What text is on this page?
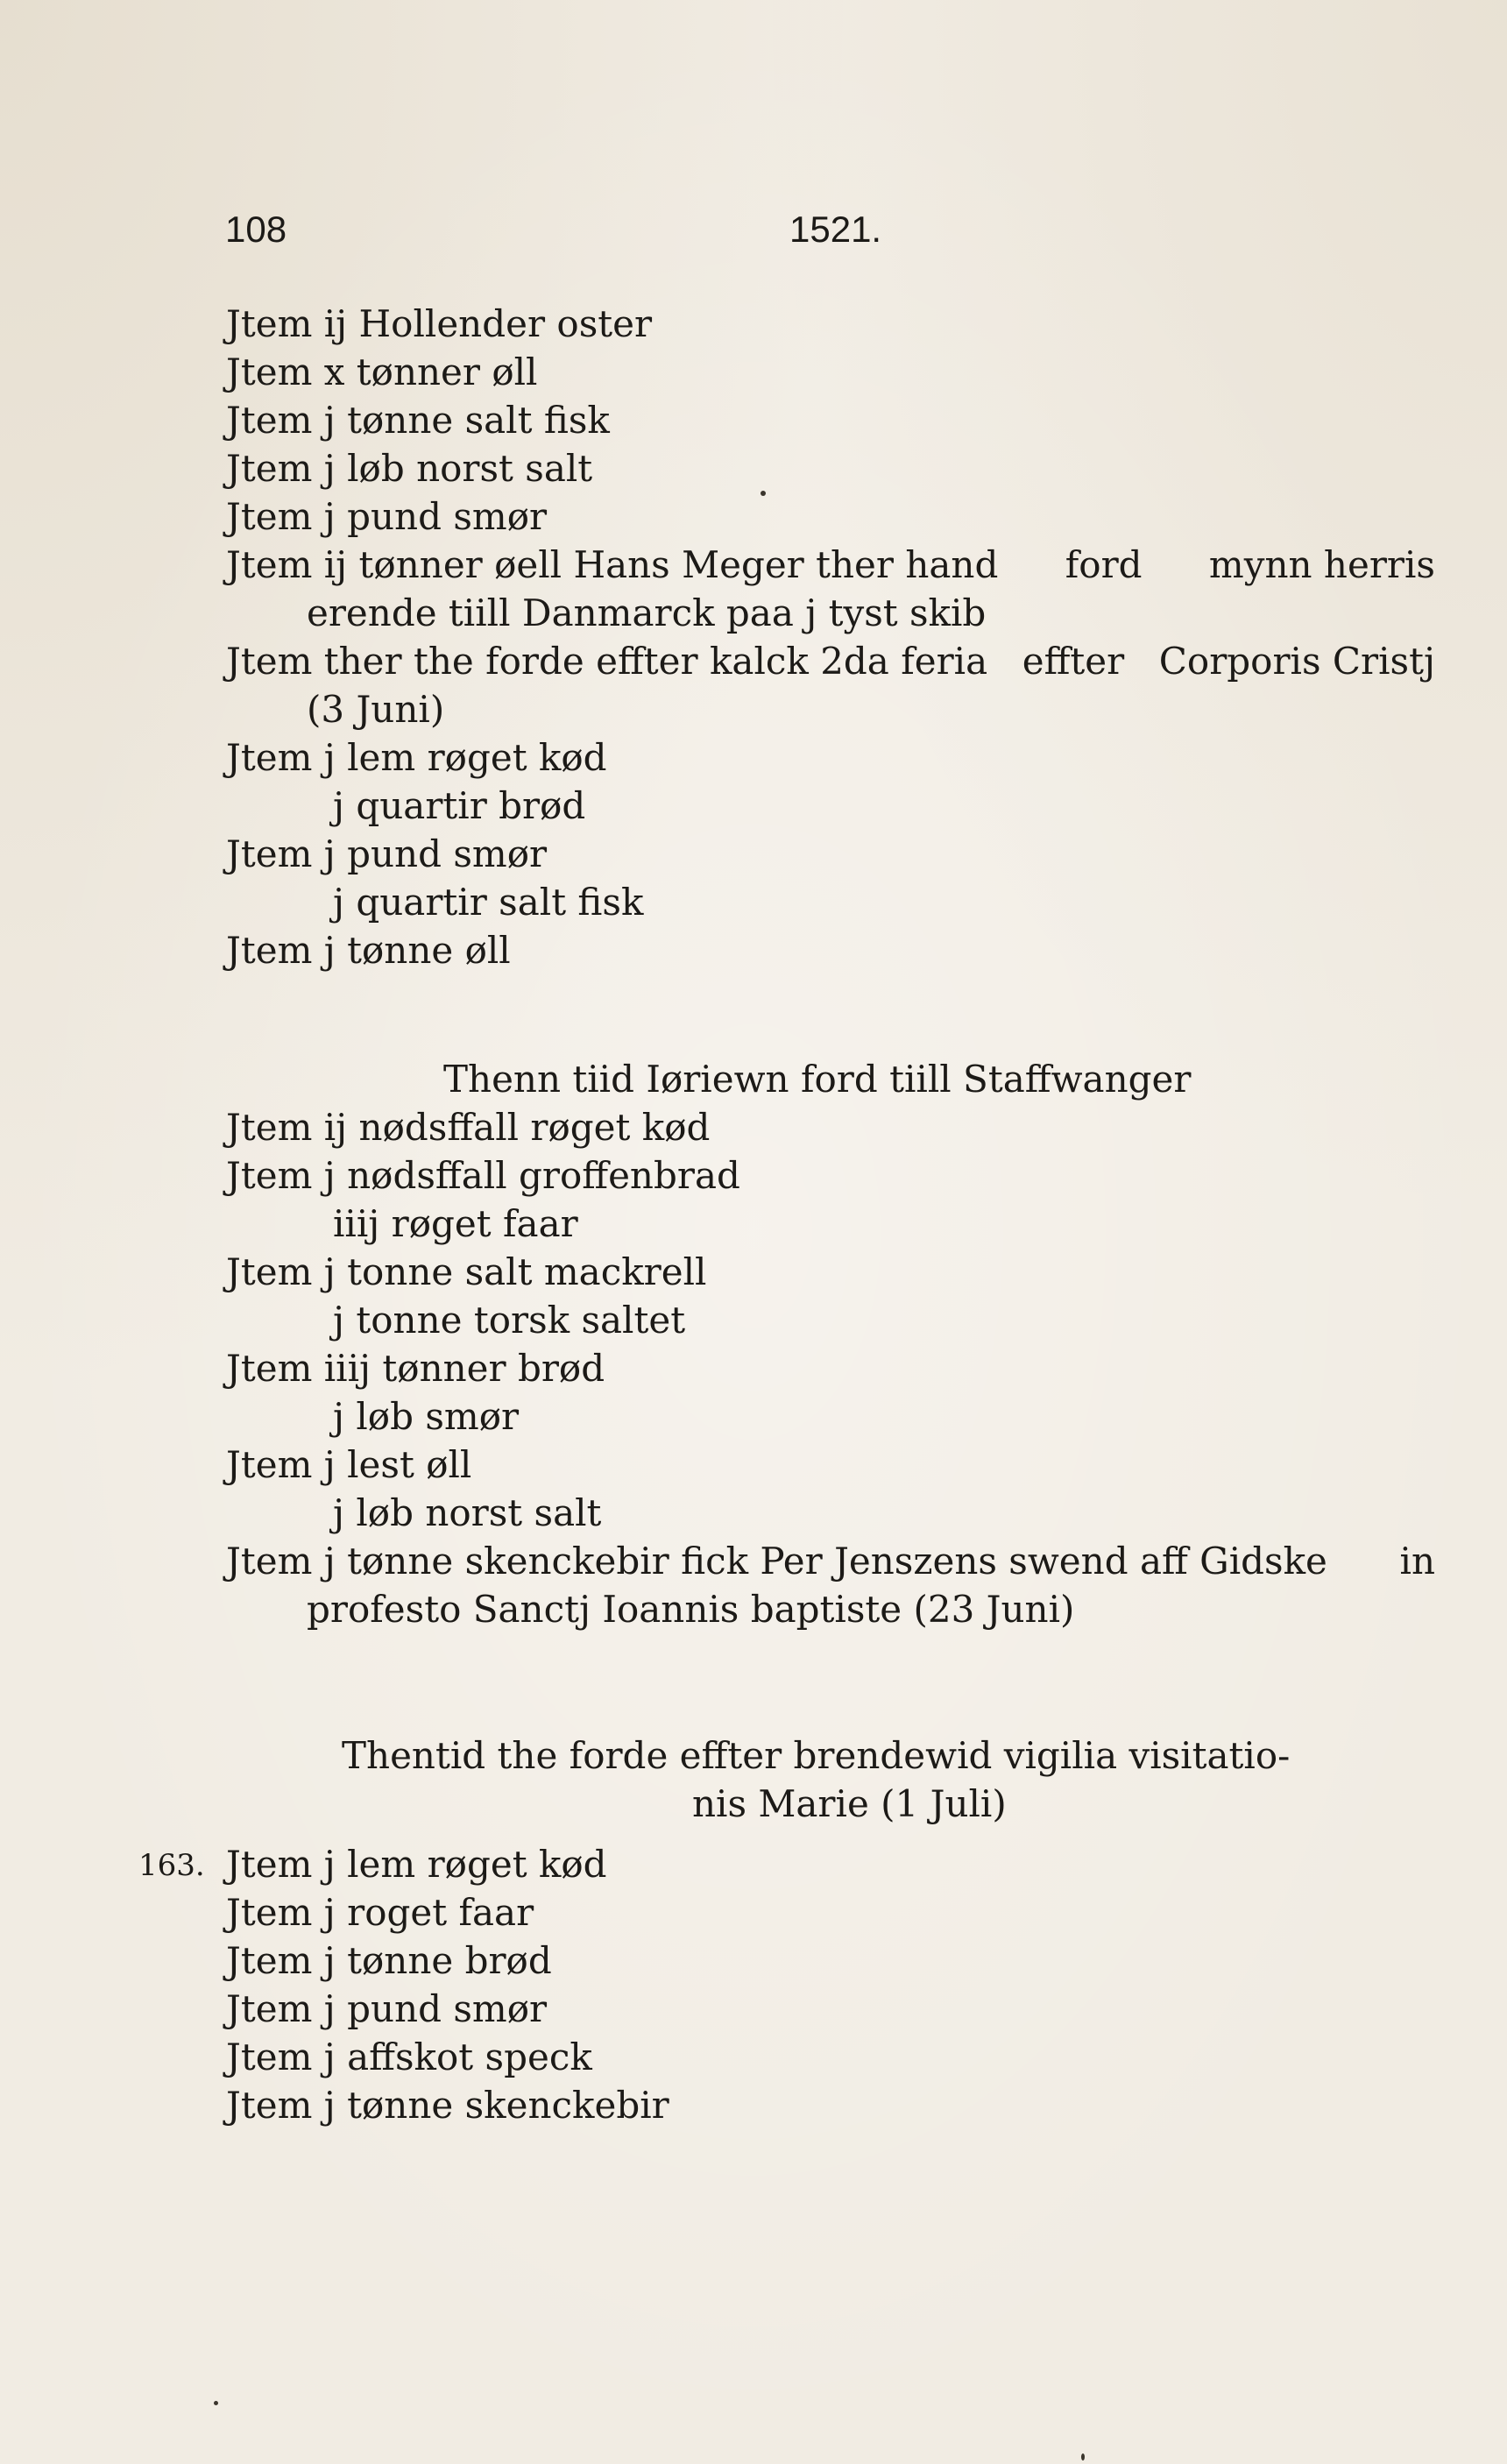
108	1521.
Jtem ij Hollender oster
Jtem x tønner øll
Jtem j tønne salt fisk
Jtem j løb norst salt
Jtem j pund smør
Jtem ij tønner øell Hans Meger ther hand ford mynn herris
erende tiill Danmarck paa j tyst skib
Jtem ther the forde effter kalck 2da feria effter Corporis Cristj
(3 Juni)
Jtem j lem røget kød
j quartir brød
Jtem j pund smør
j quartir salt fisk
Jtem j tønne øll
Thenn tiid Iøriewn ford tiill Staffwanger
Jtem ij nødsffall røget kød
Jtem j nødsffall groffenbrad
iiij røget faar
Jtem j tonne salt mackrell
j tonne torsk saltet
Jtem iiij tønner brød
j løb smør
Jtem j lest øll
j løb norst salt
Jtem j tønne skenckebir fick Per Jenszens swend aff Gidske in
profesto Sanctj Ioannis baptiste (23 Juni)
Thentid the forde effter brendewid vigilia visitatio-
nis Marie (1 Juli)
163. Jtem j lem røget kød
Jtem j roget faar
Jtem j tønne brød
Jtem j pund smør
Jtem j affskot speck
Jtem j tønne skenckebir
